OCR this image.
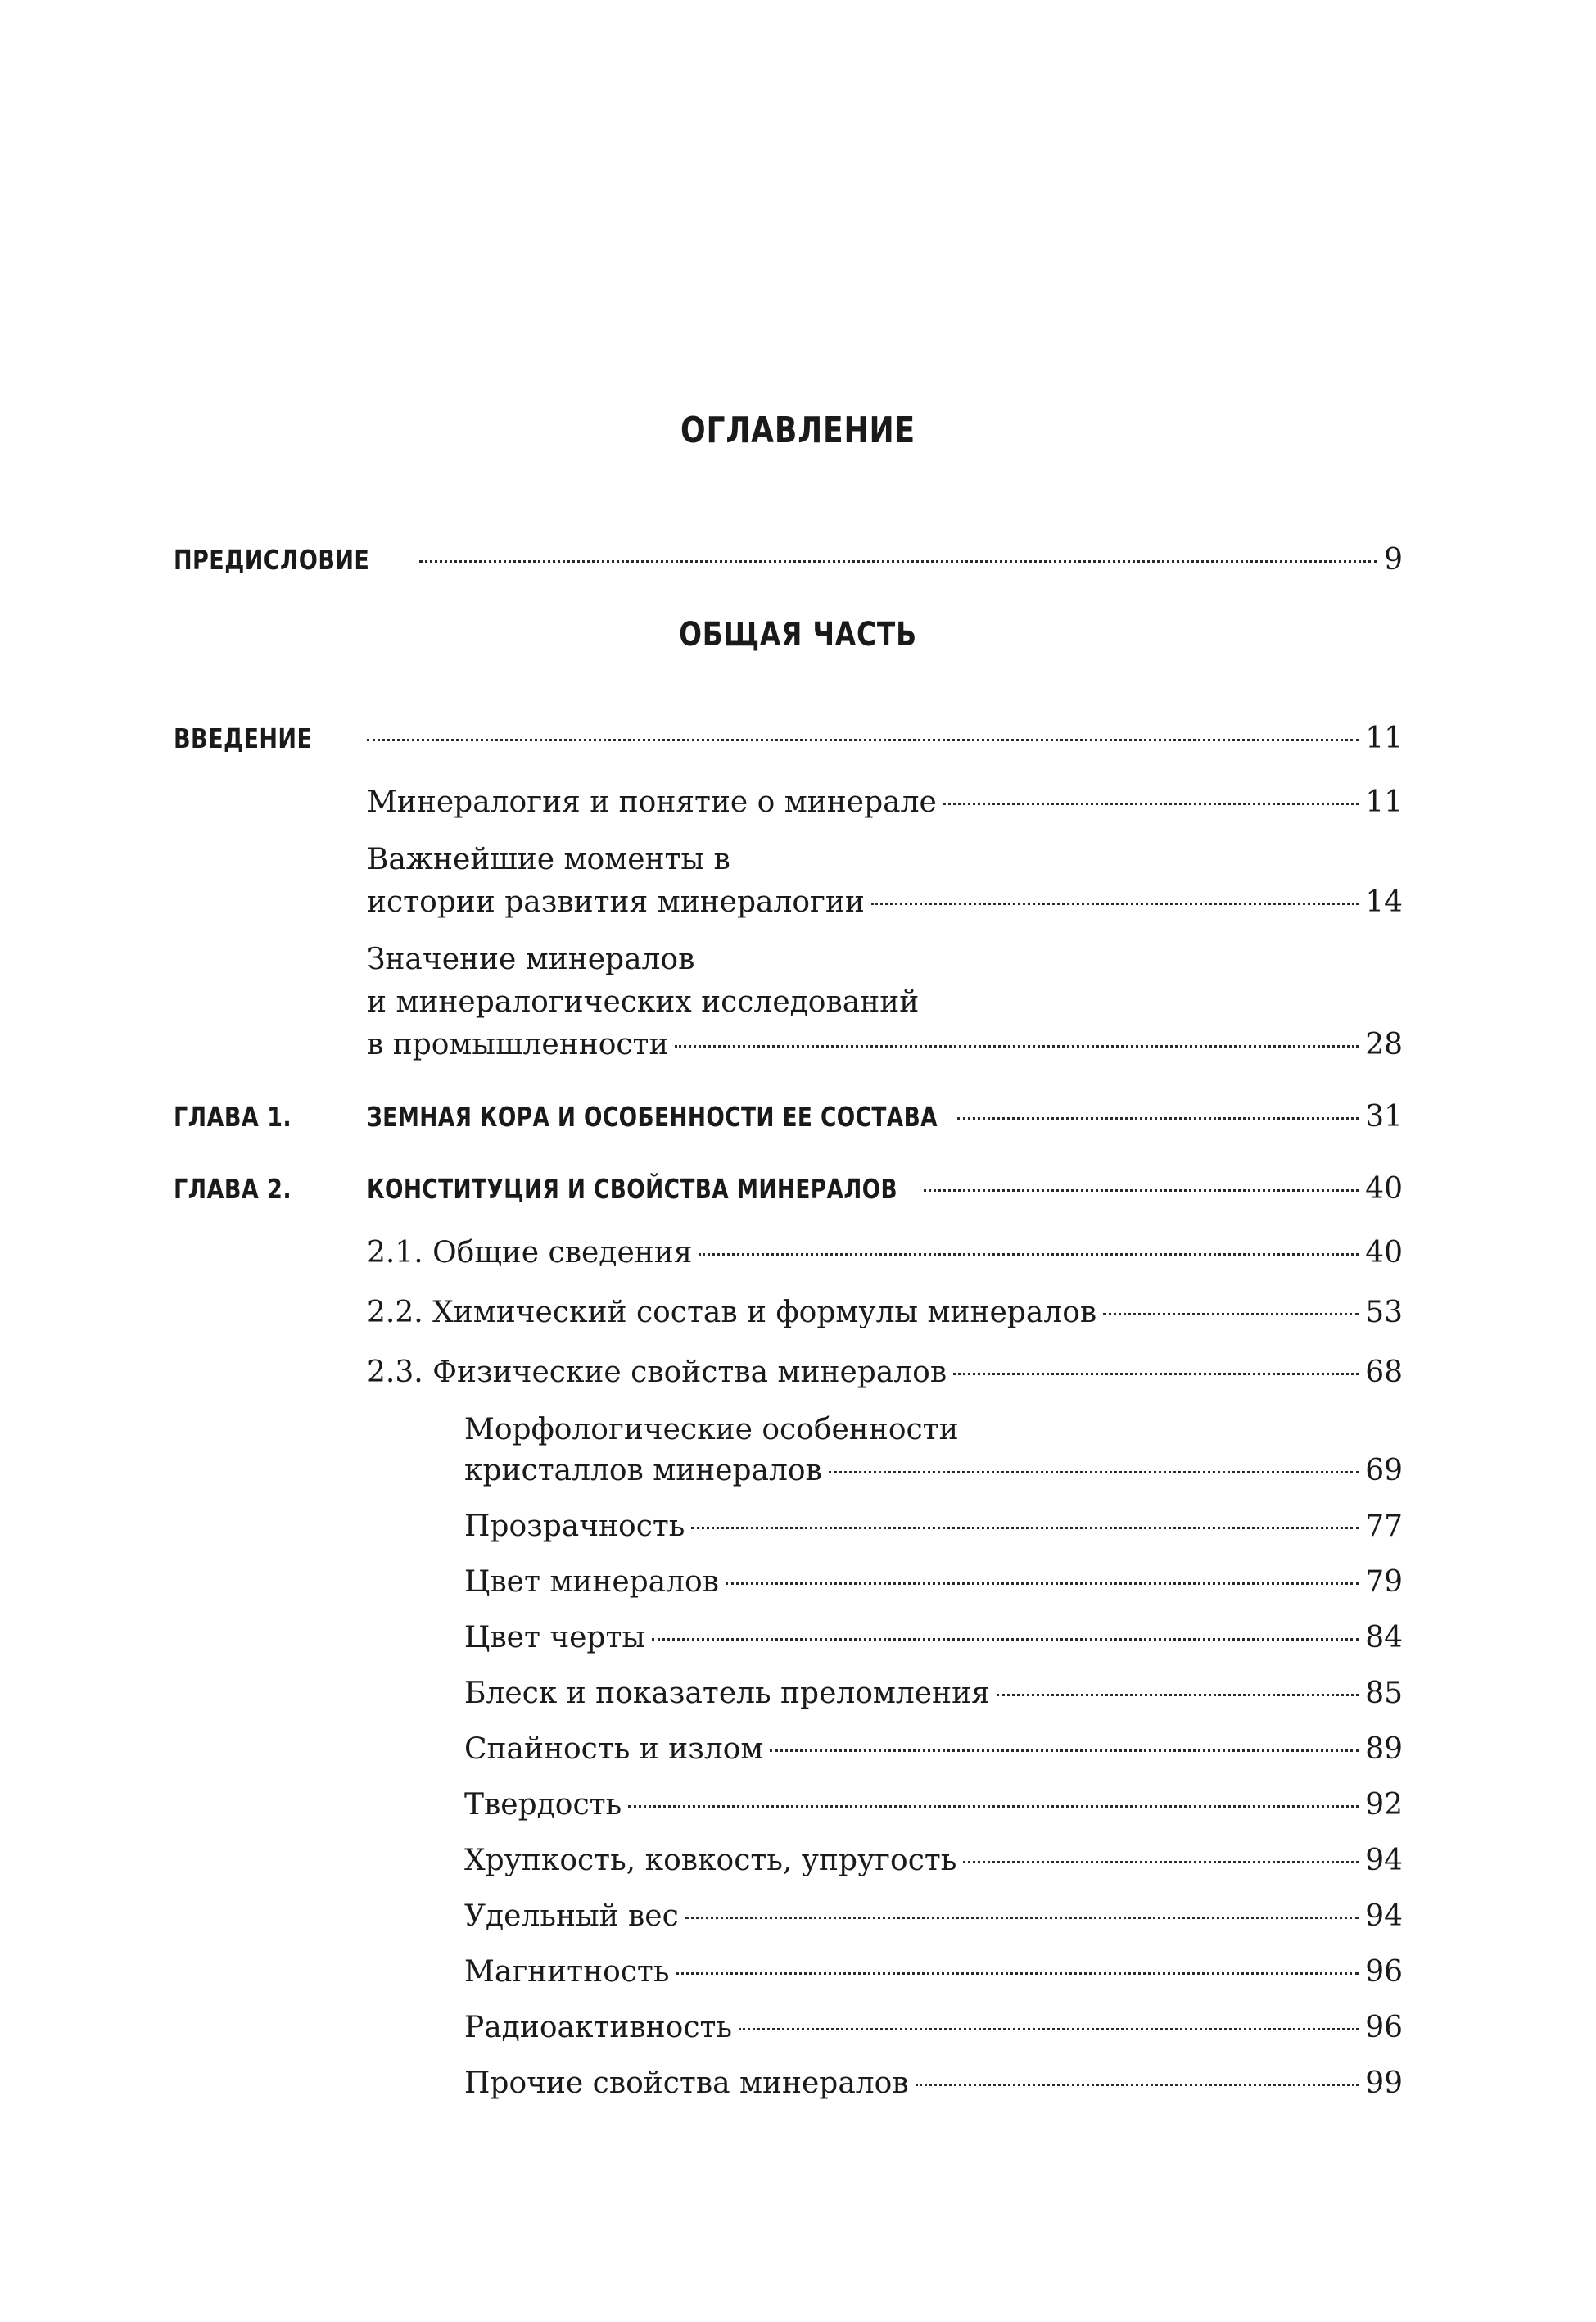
ОГЛАВЛЕНИЕ
ПРЕДИСЛОВИЕ	9
ОБЩАЯ ЧАСТЬ
ВВЕДЕНИЕ	11
Минералогия и понятие о минерале	11
Важнейшие моменты в
истории развития минералогии	14
Значение минералов
и минералогических исследований
в промышленности	28
ГЛАВА 1.	ЗЕМНАЯ КОРА И ОСОБЕННОСТИ ЕЕ СОСТАВА	31
ГЛАВА 2.	КОНСТИТУЦИЯ И СВОЙСТВА МИНЕРАЛОВ	40
2.1. Общие сведения	40
2.2. Химический состав и формулы минералов	53
2.3. Физические свойства минералов	68
Морфологические особенности
кристаллов минералов	69
Прозрачность	77
Цвет минералов	79
Цвет черты	84
Блеск и показатель преломления	85
Спайность и излом	89
Твердость	92
Хрупкость, ковкость, упругость	94
Удельный вес	94
Магнитность	96
Радиоактивность	96
Прочие свойства минералов	99
